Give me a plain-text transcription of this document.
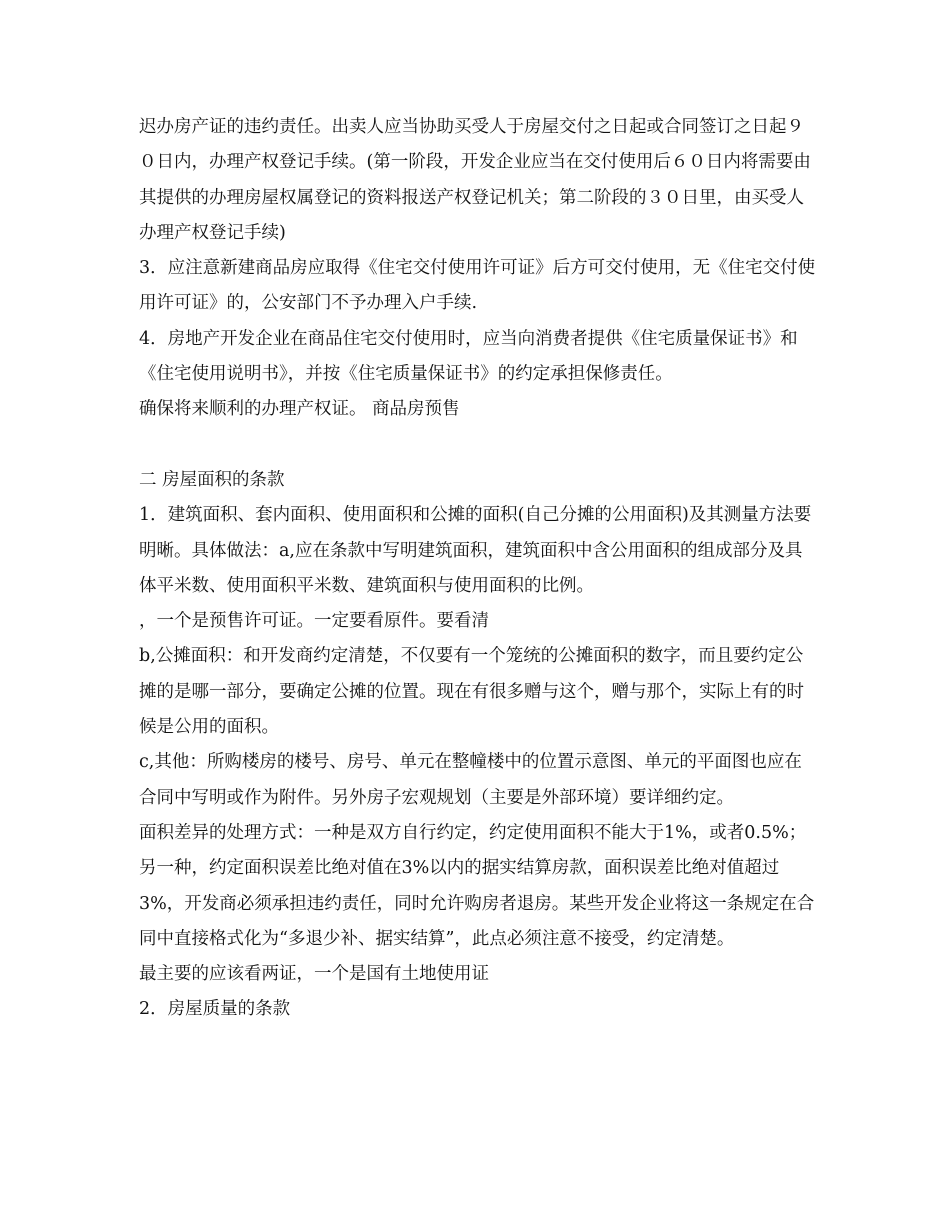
迟办房产证的违约责任。出卖人应当协助买受人于房屋交付之日起或合同签订之日起９０日内，办理产权登记手续。(第一阶段，开发企业应当在交付使用后６０日内将需要由其提供的办理房屋权属登记的资料报送产权登记机关；第二阶段的３０日里，由买受人办理产权登记手续)

3．应注意新建商品房应取得《住宅交付使用许可证》后方可交付使用，无《住宅交付使用许可证》的，公安部门不予办理入户手续.

4．房地产开发企业在商品住宅交付使用时，应当向消费者提供《住宅质量保证书》和《住宅使用说明书》，并按《住宅质量保证书》的约定承担保修责任。

确保将来顺利的办理产权证。 商品房预售

二 房屋面积的条款

1．建筑面积、套内面积、使用面积和公摊的面积(自己分摊的公用面积)及其测量方法要明晰。具体做法：a,应在条款中写明建筑面积，建筑面积中含公用面积的组成部分及具体平米数、使用面积平米数、建筑面积与使用面积的比例。

，一个是预售许可证。一定要看原件。要看清

b,公摊面积：和开发商约定清楚，不仅要有一个笼统的公摊面积的数字，而且要约定公摊的是哪一部分，要确定公摊的位置。现在有很多赠与这个，赠与那个，实际上有的时候是公用的面积。

c,其他：所购楼房的楼号、房号、单元在整幢楼中的位置示意图、单元的平面图也应在合同中写明或作为附件。另外房子宏观规划（主要是外部环境）要详细约定。

面积差异的处理方式：一种是双方自行约定，约定使用面积不能大于1%，或者0.5%；另一种，约定面积误差比绝对值在3%以内的据实结算房款，面积误差比绝对值超过3%，开发商必须承担违约责任，同时允许购房者退房。某些开发企业将这一条规定在合同中直接格式化为“多退少补、据实结算”，此点必须注意不接受，约定清楚。

最主要的应该看两证，一个是国有土地使用证

2．房屋质量的条款
